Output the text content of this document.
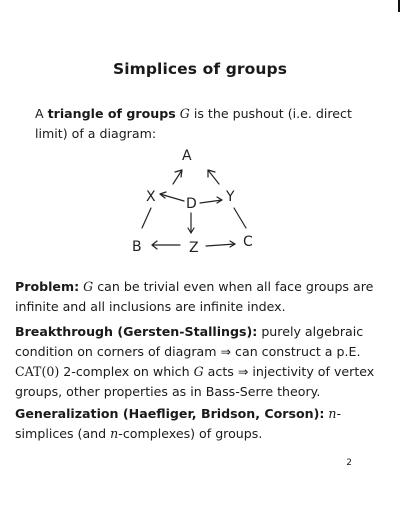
Simplices of groups
A triangle of groups G is the pushout (i.e. direct limit) of a diagram:
A
X D Y
B	Z	C
Problem: G can be trivial even when all face groups are infinite and all inclusions are infinite index.
Breakthrough (Gersten-Stallings): purely algebraic condition on corners of diagram ⇒ can construct a p.E. CAT(0) 2-complex on which G acts ⇒ injectivity of vertex groups, other properties as in Bass-Serre theory.
Generalization (Haefliger, Bridson, Corson): n-simplices (and n-complexes) of groups.
2
